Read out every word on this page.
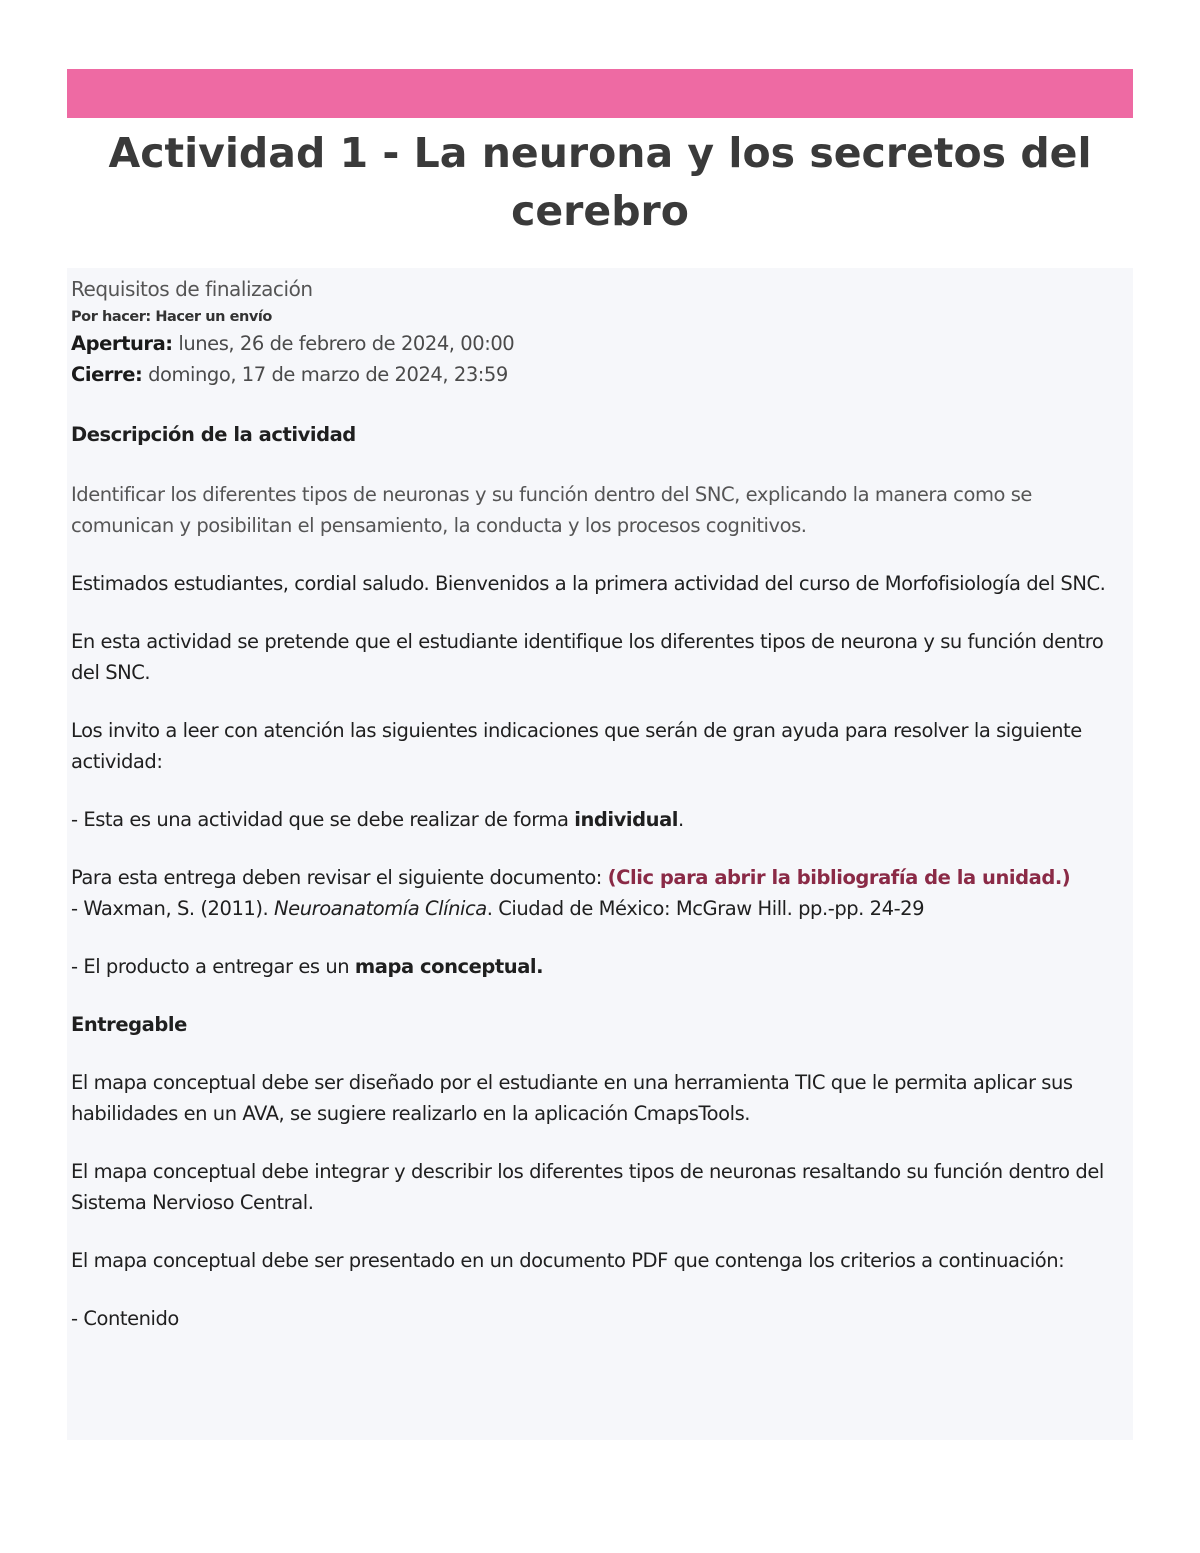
Actividad 1 - La neurona y los secretos del cerebro

Requisitos de finalización

Por hacer: Hacer un envío

Apertura: lunes, 26 de febrero de 2024, 00:00

Cierre: domingo, 17 de marzo de 2024, 23:59

Descripción de la actividad

Identificar los diferentes tipos de neuronas y su función dentro del SNC, explicando la manera como se comunican y posibilitan el pensamiento, la conducta y los procesos cognitivos.

Estimados estudiantes, cordial saludo. Bienvenidos a la primera actividad del curso de Morfofisiología del SNC.

En esta actividad se pretende que el estudiante identifique los diferentes tipos de neurona y su función dentro del SNC.

Los invito a leer con atención las siguientes indicaciones que serán de gran ayuda para resolver la siguiente actividad:

- Esta es una actividad que se debe realizar de forma individual.

Para esta entrega deben revisar el siguiente documento: (Clic para abrir la bibliografía de la unidad.)

- Waxman, S. (2011). Neuroanatomía Clínica. Ciudad de México: McGraw Hill. pp.-pp. 24-29

- El producto a entregar es un mapa conceptual.

Entregable

El mapa conceptual debe ser diseñado por el estudiante en una herramienta TIC que le permita aplicar sus habilidades en un AVA, se sugiere realizarlo en la aplicación CmapsTools.

El mapa conceptual debe integrar y describir los diferentes tipos de neuronas resaltando su función dentro del Sistema Nervioso Central.

El mapa conceptual debe ser presentado en un documento PDF que contenga los criterios a continuación:

- Contenido
